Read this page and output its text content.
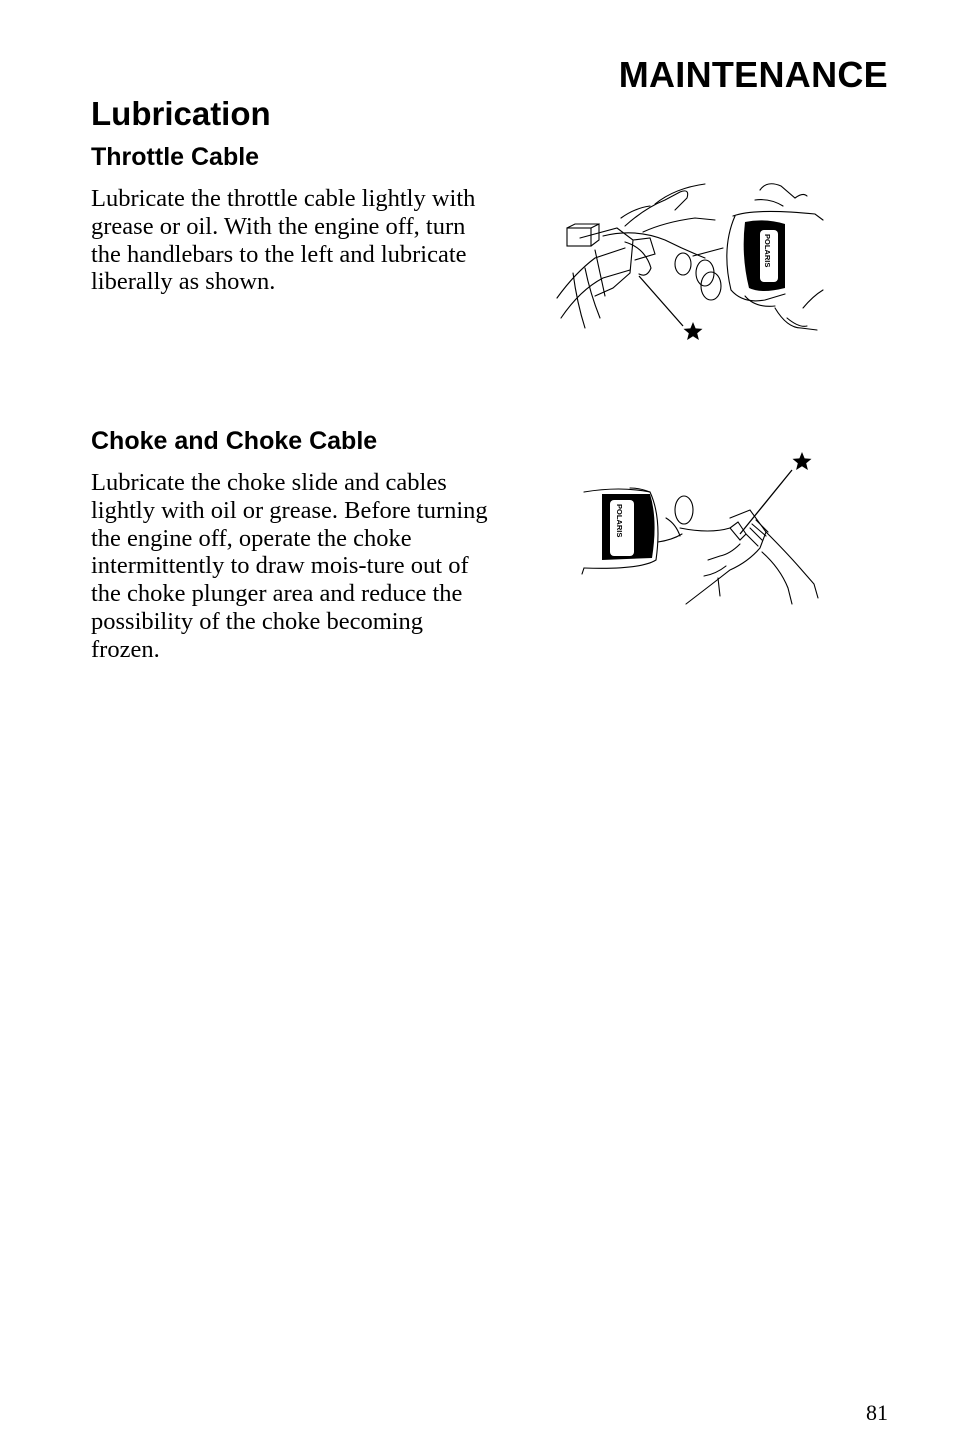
MAINTENANCE
Lubrication
Throttle Cable

Lubricate the throttle cable lightly with grease or oil. With the engine off, turn the handlebars to the left and lubricate liberally as shown.

POLARIS
Choke and Choke Cable

Lubricate the choke slide and cables lightly with oil or grease. Before turning the engine off, operate the choke intermittently to draw mois-ture out of the choke plunger area and reduce the possibility of the choke becoming frozen.

POLARIS
81
